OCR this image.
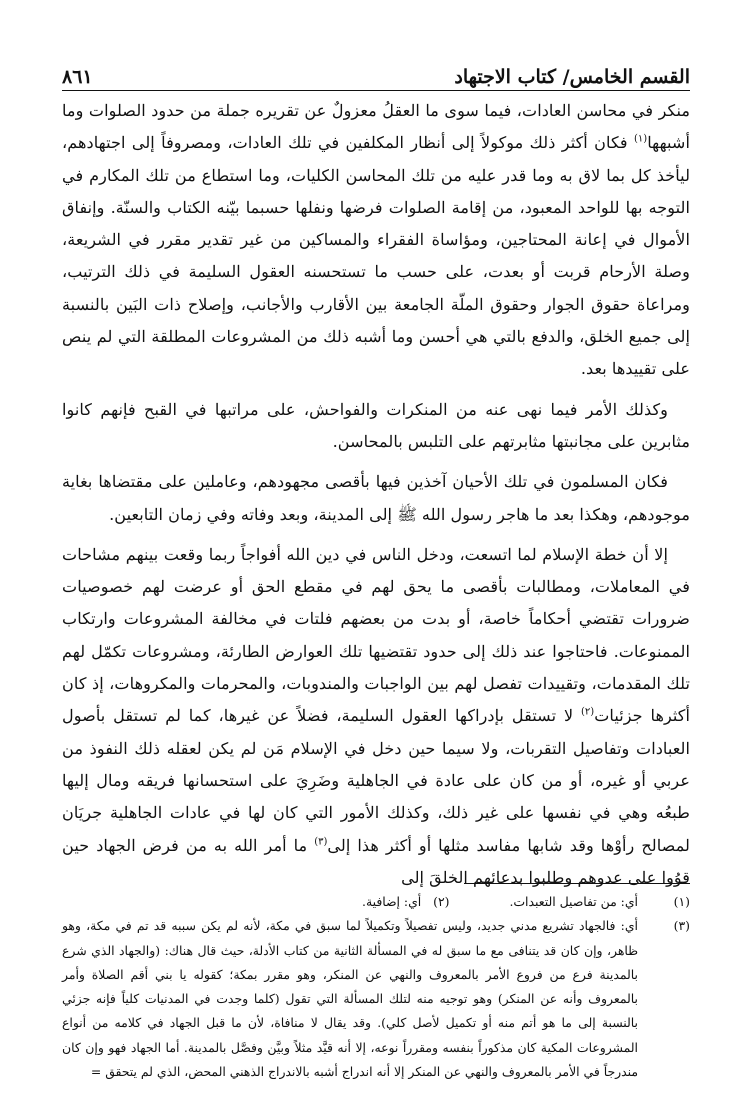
القسم الخامس/ كتاب الاجتهاد
٨٦١

منكر في محاسن العادات، فيما سوى ما العقلُ معزولٌ عن تقريره جملة من حدود الصلوات وما أشبهها$^{(١)}$ فكان أكثر ذلك موكولاً إلى أنظار المكلفين في تلك العادات، ومصروفاً إلى اجتهادهم، ليأخذ كل بما لاق به وما قدر عليه من تلك المحاسن الكليات، وما استطاع من تلك المكارم في التوجه بها للواحد المعبود، من إقامة الصلوات فرضها ونفلها حسبما بيّنه الكتاب والسنّة. وإنفاق الأموال في إعانة المحتاجين، ومؤاساة الفقراء والمساكين من غير تقدير مقرر في الشريعة، وصلة الأرحام قربت أو بعدت، على حسب ما تستحسنه العقول السليمة في ذلك الترتيب، ومراعاة حقوق الجوار وحقوق الملّة الجامعة بين الأقارب والأجانب، وإصلاح ذات البَين بالنسبة إلى جميع الخلق، والدفع بالتي هي أحسن وما أشبه ذلك من المشروعات المطلقة التي لم ينص على تقييدها بعد.

وكذلك الأمر فيما نهى عنه من المنكرات والفواحش، على مراتبها في القبح فإنهم كانوا مثابرين على مجانبتها مثابرتهم على التلبس بالمحاسن.

فكان المسلمون في تلك الأحيان آخذين فيها بأقصى مجهودهم، وعاملين على مقتضاها بغاية موجودهم، وهكذا بعد ما هاجر رسول الله ﷺ إلى المدينة، وبعد وفاته وفي زمان التابعين.

إلا أن خطة الإسلام لما اتسعت، ودخل الناس في دين الله أفواجاً ربما وقعت بينهم مشاحات في المعاملات، ومطالبات بأقصى ما يحق لهم في مقطع الحق أو عرضت لهم خصوصيات ضرورات تقتضي أحكاماً خاصة، أو بدت من بعضهم فلتات في مخالفة المشروعات وارتكاب الممنوعات. فاحتاجوا عند ذلك إلى حدود تقتضيها تلك العوارض الطارئة، ومشروعات تكمّل لهم تلك المقدمات، وتقييدات تفصل لهم بين الواجبات والمندوبات، والمحرمات والمكروهات، إذ كان أكثرها جزئيات$^{(٢)}$ لا تستقل بإدراكها العقول السليمة، فضلاً عن غيرها، كما لم تستقل بأصول العبادات وتفاصيل التقربات، ولا سيما حين دخل في الإسلام مَن لم يكن لعقله ذلك النفوذ من عربي أو غيره، أو من كان على عادة في الجاهلية وضَرِيَ على استحسانها فريقه ومال إليها طبعُه وهي في نفسها على غير ذلك، وكذلك الأمور التي كان لها في عادات الجاهلية جريَان لمصالح رأوْها وقد شابها مفاسد مثلها أو أكثر هذا إلى$^{(٣)}$ ما أمر الله به من فرض الجهاد حين قوُوا على عدوهم وطلبوا بدعائهم الخلقَ إلى

(١)
أي: من تفاصيل التعبدات.(٢)   أي: إضافية.
(٣)
أي: فالجهاد تشريع مدني جديد، وليس تفصيلاً وتكميلاً لما سبق في مكة، لأنه لم يكن سببه قد تم في مكة، وهو ظاهر، وإن كان قد يتنافى مع ما سبق له في المسألة الثانية من كتاب الأدلة، حيث قال هناك: (والجهاد الذي شرع بالمدينة فرع من فروع الأمر بالمعروف والنهي عن المنكر، وهو مقرر بمكة؛ كقوله يا بني أقم الصلاة وأمر بالمعروف وأنه عن المنكر) وهو توجيه منه لتلك المسألة التي تقول (كلما وجدت في المدنيات كلياً فإنه جزئي بالنسبة إلى ما هو أتم منه أو تكميل لأصل كلي). وقد يقال لا منافاة، لأن ما قبل الجهاد في كلامه من أنواع المشروعات المكية كان مذكوراً بنفسه ومقرراً نوعه، إلا أنه قيَّد مثلاً وبيَّن وفصَّل بالمدينة. أما الجهاد فهو وإن كان مندرجاً في الأمر بالمعروف والنهي عن المنكر إلا أنه اندراج أشبه بالاندراج الذهني المحض، الذي لم يتحقق =
